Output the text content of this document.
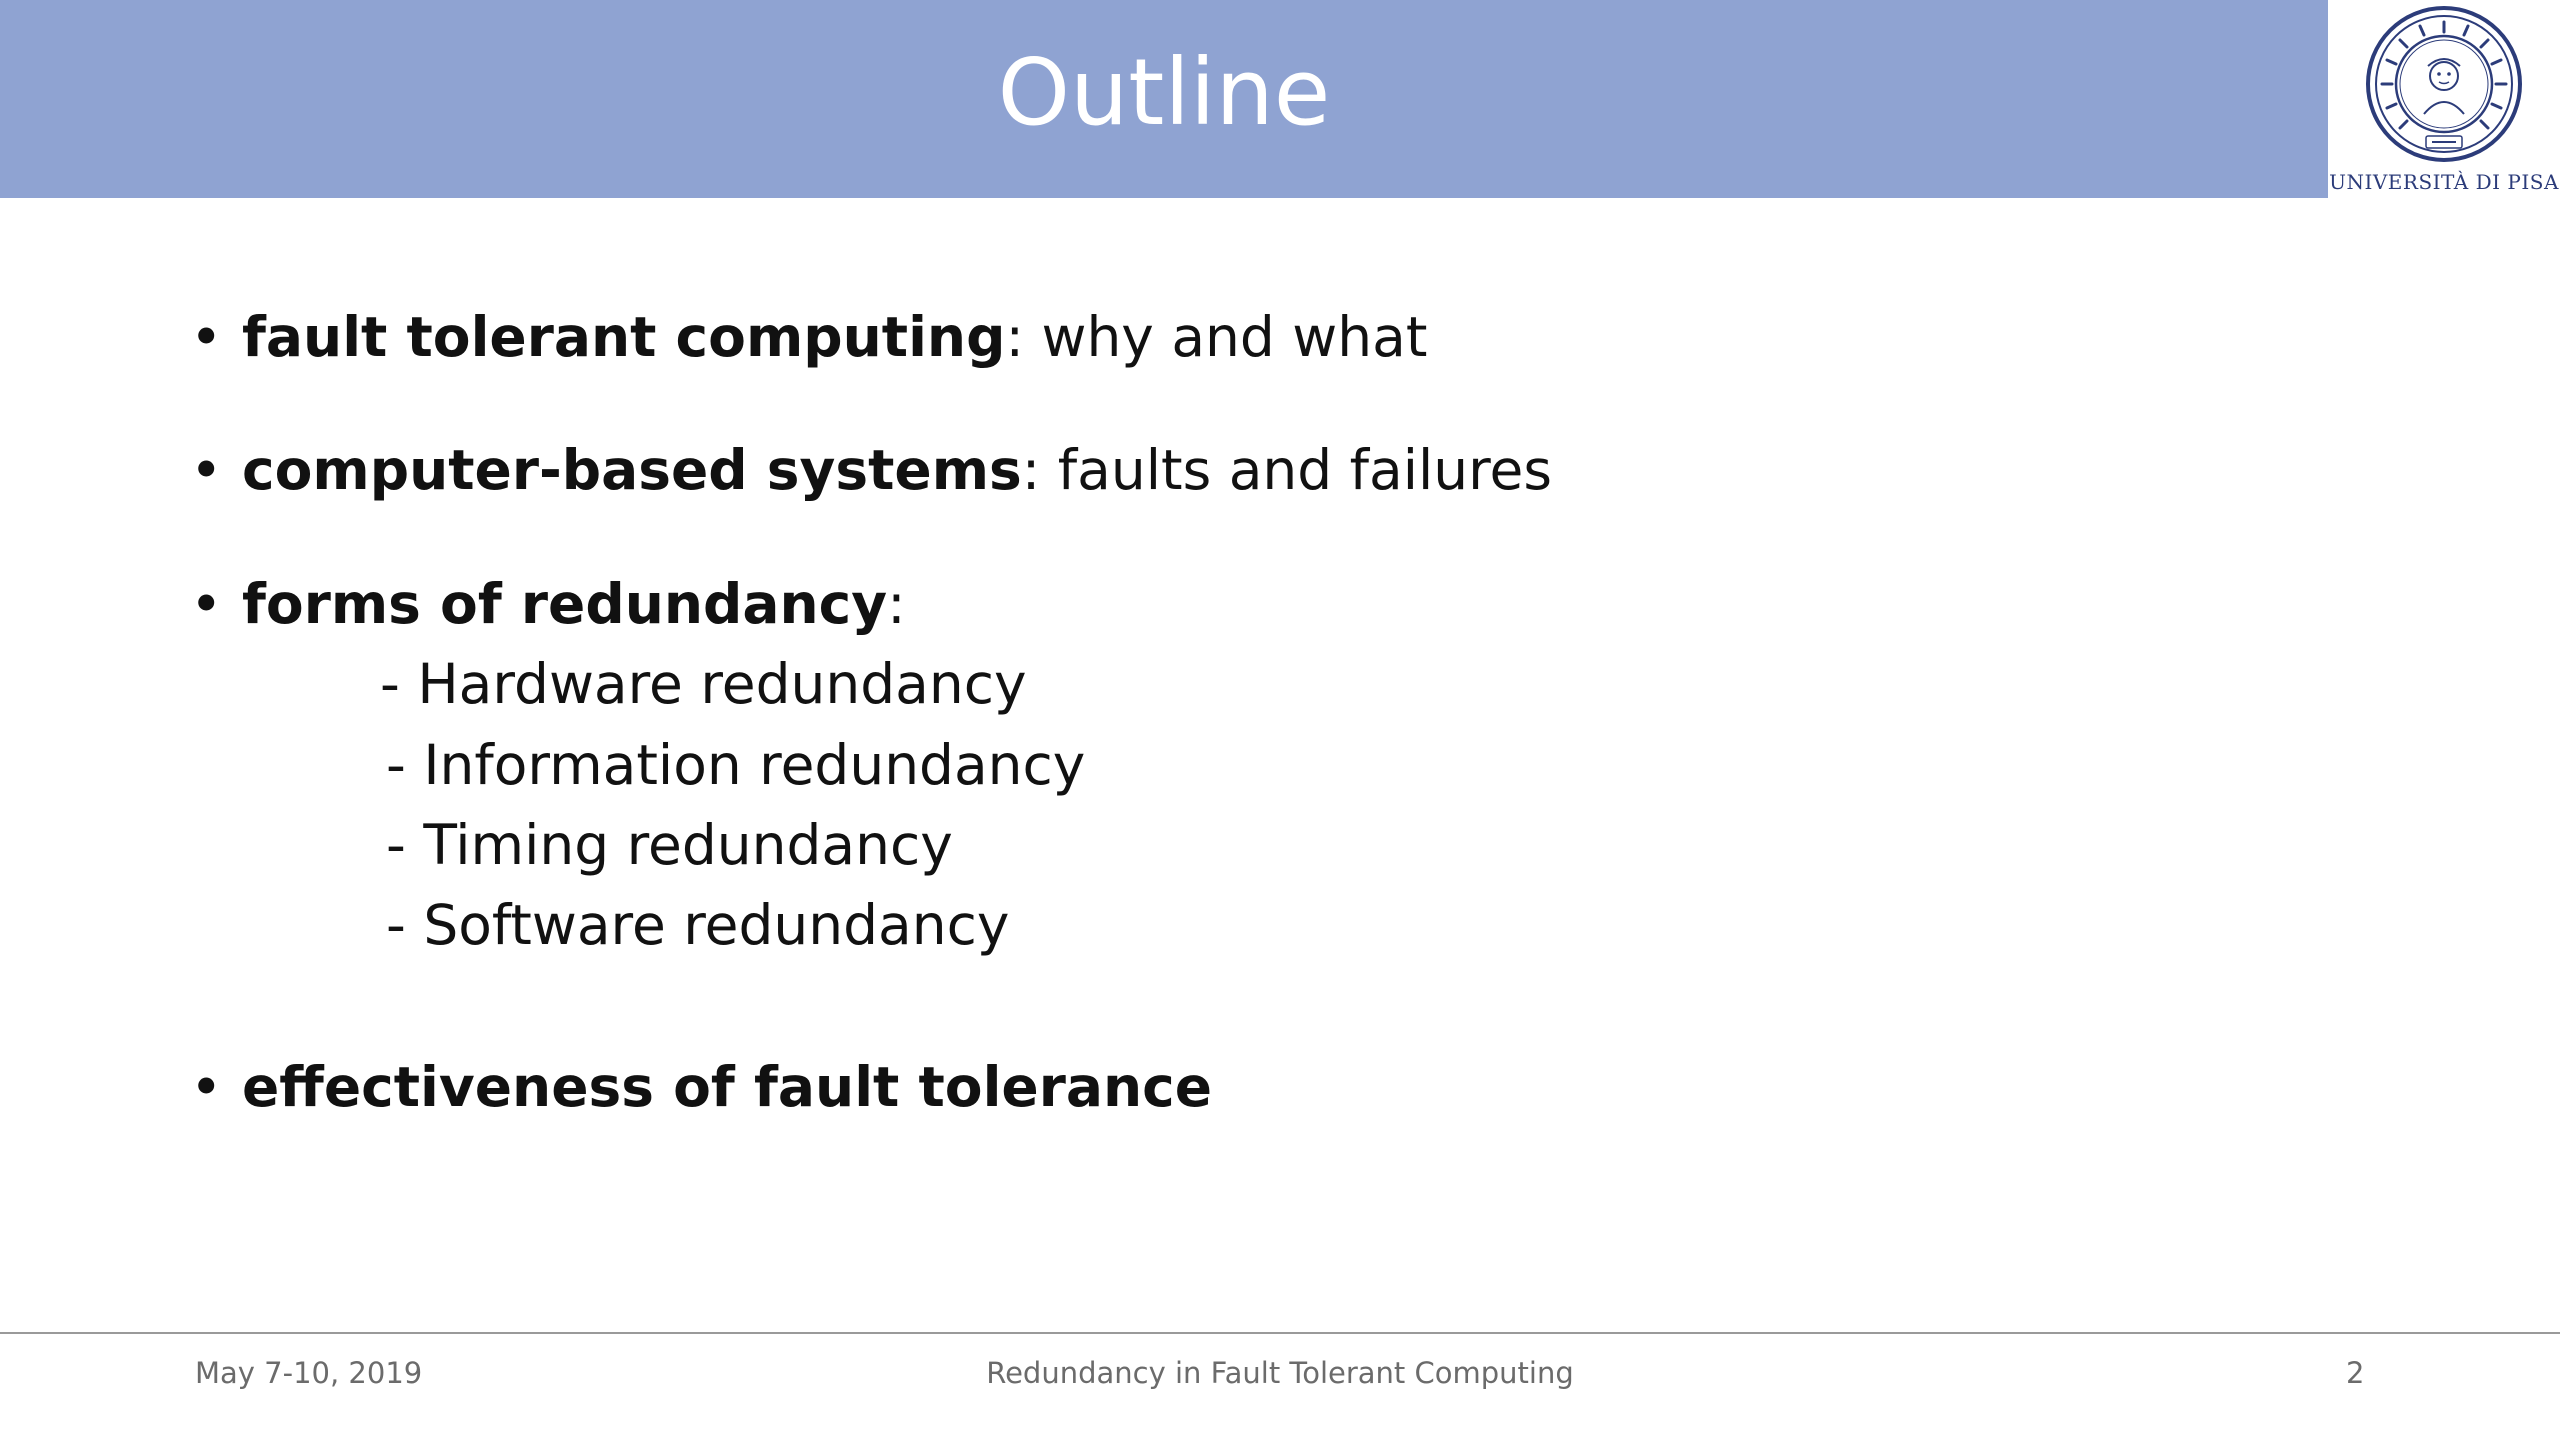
Outline
UNIVERSITÀ DI PISA
• fault tolerant computing: why and what
• computer-based systems: faults and failures
• forms of redundancy:
- Hardware redundancy
- Information redundancy
- Timing redundancy
- Software redundancy
• effectiveness of fault tolerance
May 7-10, 2019	Redundancy in Fault Tolerant Computing	2
